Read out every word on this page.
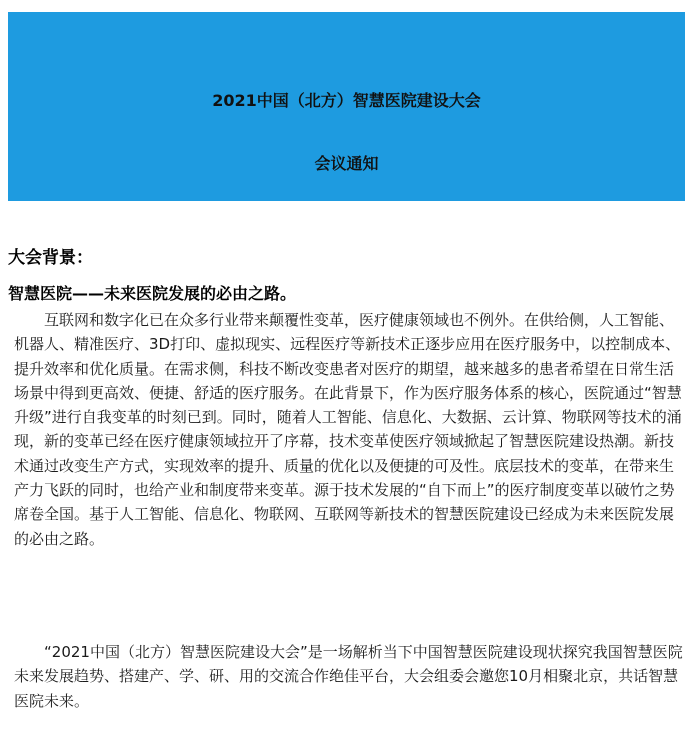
2021中国（北方）智慧医院建设大会
会议通知
大会背景：
智慧医院——未来医院发展的必由之路。

互联网和数字化已在众多行业带来颠覆性变革，医疗健康领域也不例外。在供给侧，人工智能、机器人、精准医疗、3D打印、虚拟现实、远程医疗等新技术正逐步应用在医疗服务中，以控制成本、提升效率和优化质量。在需求侧，科技不断改变患者对医疗的期望，越来越多的患者希望在日常生活场景中得到更高效、便捷、舒适的医疗服务。在此背景下，作为医疗服务体系的核心，医院通过“智慧升级”进行自我变革的时刻已到。同时，随着人工智能、信息化、大数据、云计算、物联网等技术的涌现，新的变革已经在医疗健康领域拉开了序幕，技术变革使医疗领域掀起了智慧医院建设热潮。新技术通过改变生产方式，实现效率的提升、质量的优化以及便捷的可及性。底层技术的变革，在带来生产力飞跃的同时，也给产业和制度带来变革。源于技术发展的“自下而上”的医疗制度变革以破竹之势席卷全国。基于人工智能、信息化、物联网、互联网等新技术的智慧医院建设已经成为未来医院发展的必由之路。

“2021中国（北方）智慧医院建设大会”是一场解析当下中国智慧医院建设现状探究我国智慧医院未来发展趋势、搭建产、学、研、用的交流合作绝佳平台，大会组委会邀您10月相聚北京，共话智慧医院未来。
